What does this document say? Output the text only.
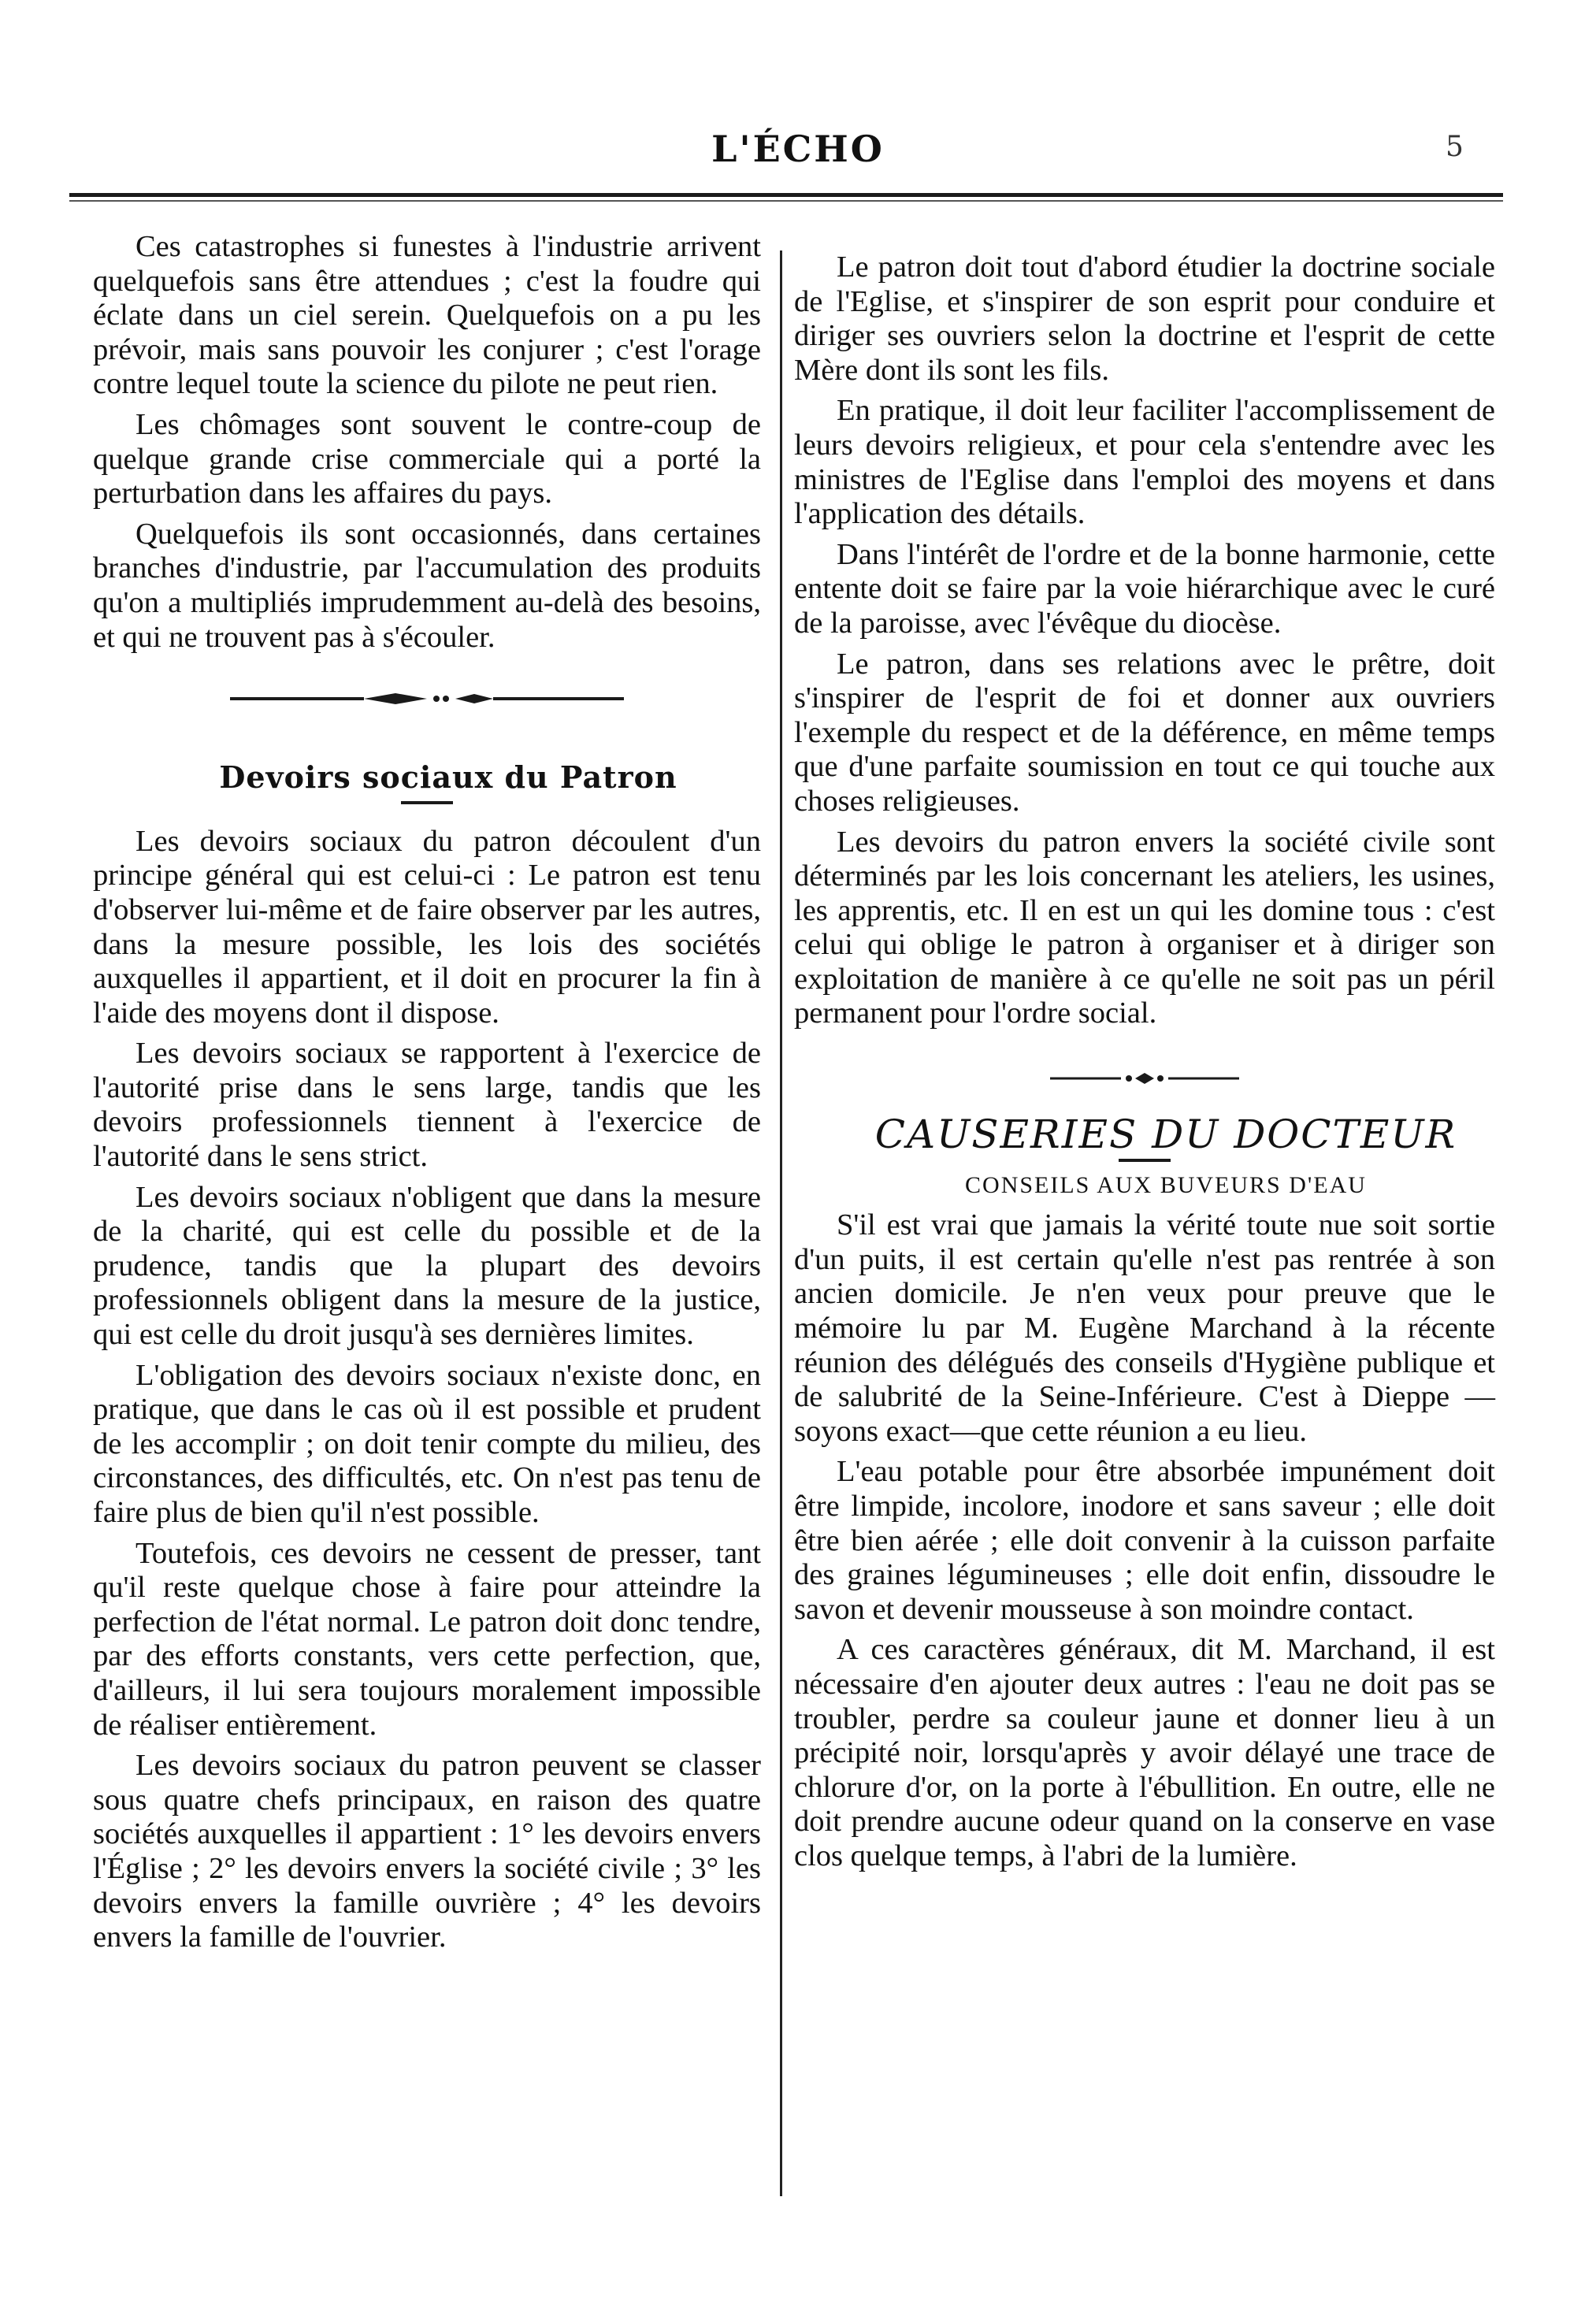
L'ÉCHO	5

Ces catastrophes si funestes à l'industrie arrivent quelquefois sans être attendues ; c'est la foudre qui éclate dans un ciel serein. Quelquefois on a pu les prévoir, mais sans pouvoir les conjurer ; c'est l'orage contre lequel toute la science du pilote ne peut rien.

Les chômages sont souvent le contre-coup de quelque grande crise commerciale qui a porté la perturbation dans les affaires du pays.

Quelquefois ils sont occasionnés, dans certaines branches d'industrie, par l'accumulation des produits qu'on a multipliés imprudemment au-delà des besoins, et qui ne trouvent pas à s'écouler.

Devoirs sociaux du Patron

Les devoirs sociaux du patron découlent d'un principe général qui est celui-ci : Le patron est tenu d'observer lui-même et de faire observer par les autres, dans la mesure possible, les lois des sociétés auxquelles il appartient, et il doit en procurer la fin à l'aide des moyens dont il dispose.

Les devoirs sociaux se rapportent à l'exercice de l'autorité prise dans le sens large, tandis que les devoirs professionnels tiennent à l'exercice de l'autorité dans le sens strict.

Les devoirs sociaux n'obligent que dans la mesure de la charité, qui est celle du possible et de la prudence, tandis que la plupart des devoirs professionnels obligent dans la mesure de la justice, qui est celle du droit jusqu'à ses dernières limites.

L'obligation des devoirs sociaux n'existe donc, en pratique, que dans le cas où il est possible et prudent de les accomplir ; on doit tenir compte du milieu, des circonstances, des difficultés, etc. On n'est pas tenu de faire plus de bien qu'il n'est possible.

Toutefois, ces devoirs ne cessent de presser, tant qu'il reste quelque chose à faire pour atteindre la perfection de l'état normal. Le patron doit donc tendre, par des efforts constants, vers cette perfection, que, d'ailleurs, il lui sera toujours moralement impossible de réaliser entièrement.

Les devoirs sociaux du patron peuvent se classer sous quatre chefs principaux, en raison des quatre sociétés auxquelles il appartient : 1° les devoirs envers l'Église ; 2° les devoirs envers la société civile ; 3° les devoirs envers la famille ouvrière ; 4° les devoirs envers la famille de l'ouvrier.

Le patron doit tout d'abord étudier la doctrine sociale de l'Eglise, et s'inspirer de son esprit pour conduire et diriger ses ouvriers selon la doctrine et l'esprit de cette Mère dont ils sont les fils.

En pratique, il doit leur faciliter l'accomplissement de leurs devoirs religieux, et pour cela s'entendre avec les ministres de l'Eglise dans l'emploi des moyens et dans l'application des détails.

Dans l'intérêt de l'ordre et de la bonne harmonie, cette entente doit se faire par la voie hiérarchique avec le curé de la paroisse, avec l'évêque du diocèse.

Le patron, dans ses relations avec le prêtre, doit s'inspirer de l'esprit de foi et donner aux ouvriers l'exemple du respect et de la déférence, en même temps que d'une parfaite soumission en tout ce qui touche aux choses religieuses.

Les devoirs du patron envers la société civile sont déterminés par les lois concernant les ateliers, les usines, les apprentis, etc. Il en est un qui les domine tous : c'est celui qui oblige le patron à organiser et à diriger son exploitation de manière à ce qu'elle ne soit pas un péril permanent pour l'ordre social.

CAUSERIES DU DOCTEUR

CONSEILS AUX BUVEURS D'EAU

S'il est vrai que jamais la vérité toute nue soit sortie d'un puits, il est certain qu'elle n'est pas rentrée à son ancien domicile. Je n'en veux pour preuve que le mémoire lu par M. Eugène Marchand à la récente réunion des délégués des conseils d'Hygiène publique et de salubrité de la Seine-Inférieure. C'est à Dieppe —soyons exact—que cette réunion a eu lieu.

L'eau potable pour être absorbée impunément doit être limpide, incolore, inodore et sans saveur ; elle doit être bien aérée ; elle doit convenir à la cuisson parfaite des graines légumineuses ; elle doit enfin, dissoudre le savon et devenir mousseuse à son moindre contact.

A ces caractères généraux, dit M. Marchand, il est nécessaire d'en ajouter deux autres : l'eau ne doit pas se troubler, perdre sa couleur jaune et donner lieu à un précipité noir, lorsqu'après y avoir délayé une trace de chlorure d'or, on la porte à l'ébullition. En outre, elle ne doit prendre aucune odeur quand on la conserve en vase clos quelque temps, à l'abri de la lumière.
